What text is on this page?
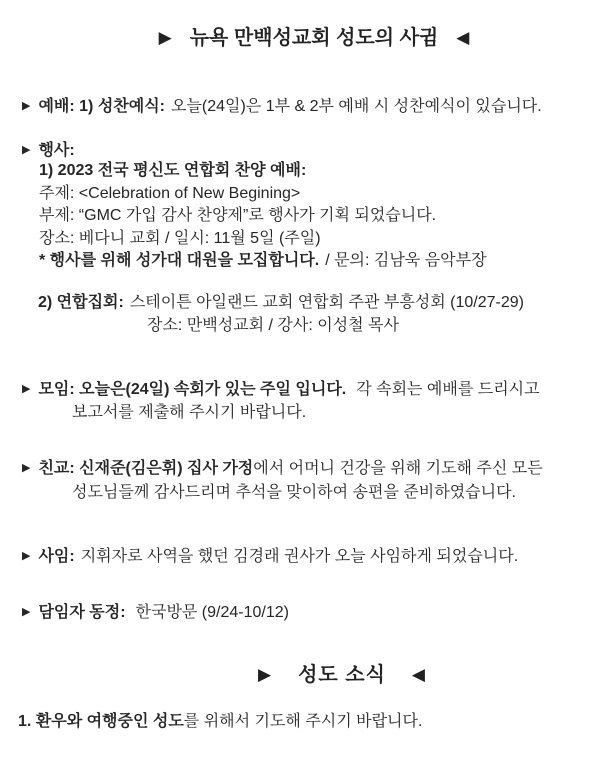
▶ 뉴욕 만백성교회 성도의 사귐 ◀
▶ 예배: 1) 성찬예식: 오늘(24일)은 1부 & 2부 예배 시 성찬예식이 있습니다.
▶ 행사:
1) 2023 전국 평신도 연합회 찬양 예배:
주제: <Celebration of New Begining>
부제: “GMC 가입 감사 찬양제”로 행사가 기획 되었습니다.
장소: 베다니 교회 / 일시: 11월 5일 (주일)
* 행사를 위해 성가대 대원을 모집합니다. / 문의: 김남욱 음악부장
2) 연합집회: 스테이튼 아일랜드 교회 연합회 주관 부흥성회 (10/27-29)
장소: 만백성교회 / 강사: 이성철 목사
▶ 모임: 오늘은(24일) 속회가 있는 주일 입니다. 각 속회는 예배를 드리시고
보고서를 제출해 주시기 바랍니다.
▶ 친교: 신재준(김은휘) 집사 가정에서 어머니 건강을 위해 기도해 주신 모든
성도님들께 감사드리며 추석을 맞이하여 송편을 준비하였습니다.
▶ 사임: 지휘자로 사역을 했던 김경래 권사가 오늘 사임하게 되었습니다.
▶ 담임자 동정: 한국방문 (9/24-10/12)
▶ 성도 소식 ◀
1. 환우와 여행중인 성도를 위해서 기도해 주시기 바랍니다.
